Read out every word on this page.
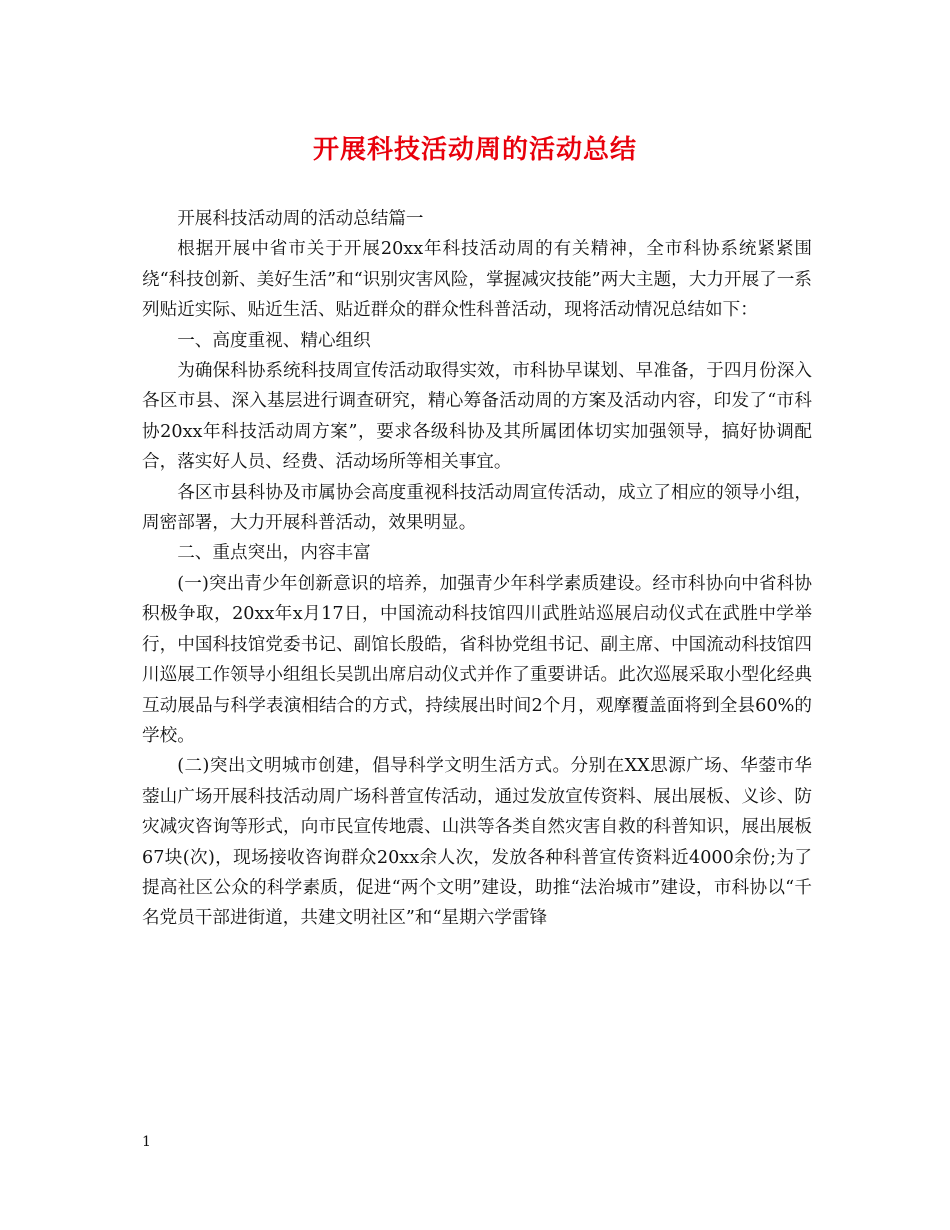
开展科技活动周的活动总结

开展科技活动周的活动总结篇一

根据开展中省市关于开展20xx年科技活动周的有关精神，全市科协系统紧紧围绕“科技创新、美好生活”和“识别灾害风险，掌握减灾技能”两大主题，大力开展了一系列贴近实际、贴近生活、贴近群众的群众性科普活动，现将活动情况总结如下：

一、高度重视、精心组织

为确保科协系统科技周宣传活动取得实效，市科协早谋划、早准备，于四月份深入各区市县、深入基层进行调查研究，精心筹备活动周的方案及活动内容，印发了“市科协20xx年科技活动周方案”，要求各级科协及其所属团体切实加强领导，搞好协调配合，落实好人员、经费、活动场所等相关事宜。

各区市县科协及市属协会高度重视科技活动周宣传活动，成立了相应的领导小组，周密部署，大力开展科普活动，效果明显。

二、重点突出，内容丰富

(一)突出青少年创新意识的培养，加强青少年科学素质建设。经市科协向中省科协积极争取，20xx年x月17日，中国流动科技馆四川武胜站巡展启动仪式在武胜中学举行，中国科技馆党委书记、副馆长殷皓，省科协党组书记、副主席、中国流动科技馆四川巡展工作领导小组组长吴凯出席启动仪式并作了重要讲话。此次巡展采取小型化经典互动展品与科学表演相结合的方式，持续展出时间2个月，观摩覆盖面将到全县60%的学校。

(二)突出文明城市创建，倡导科学文明生活方式。分别在XX思源广场、华蓥市华蓥山广场开展科技活动周广场科普宣传活动，通过发放宣传资料、展出展板、义诊、防灾减灾咨询等形式，向市民宣传地震、山洪等各类自然灾害自救的科普知识，展出展板67块(次)，现场接收咨询群众20xx余人次，发放各种科普宣传资料近4000余份;为了提高社区公众的科学素质，促进“两个文明”建设，助推“法治城市”建设，市科协以“千名党员干部进街道，共建文明社区”和“星期六学雷锋

1
